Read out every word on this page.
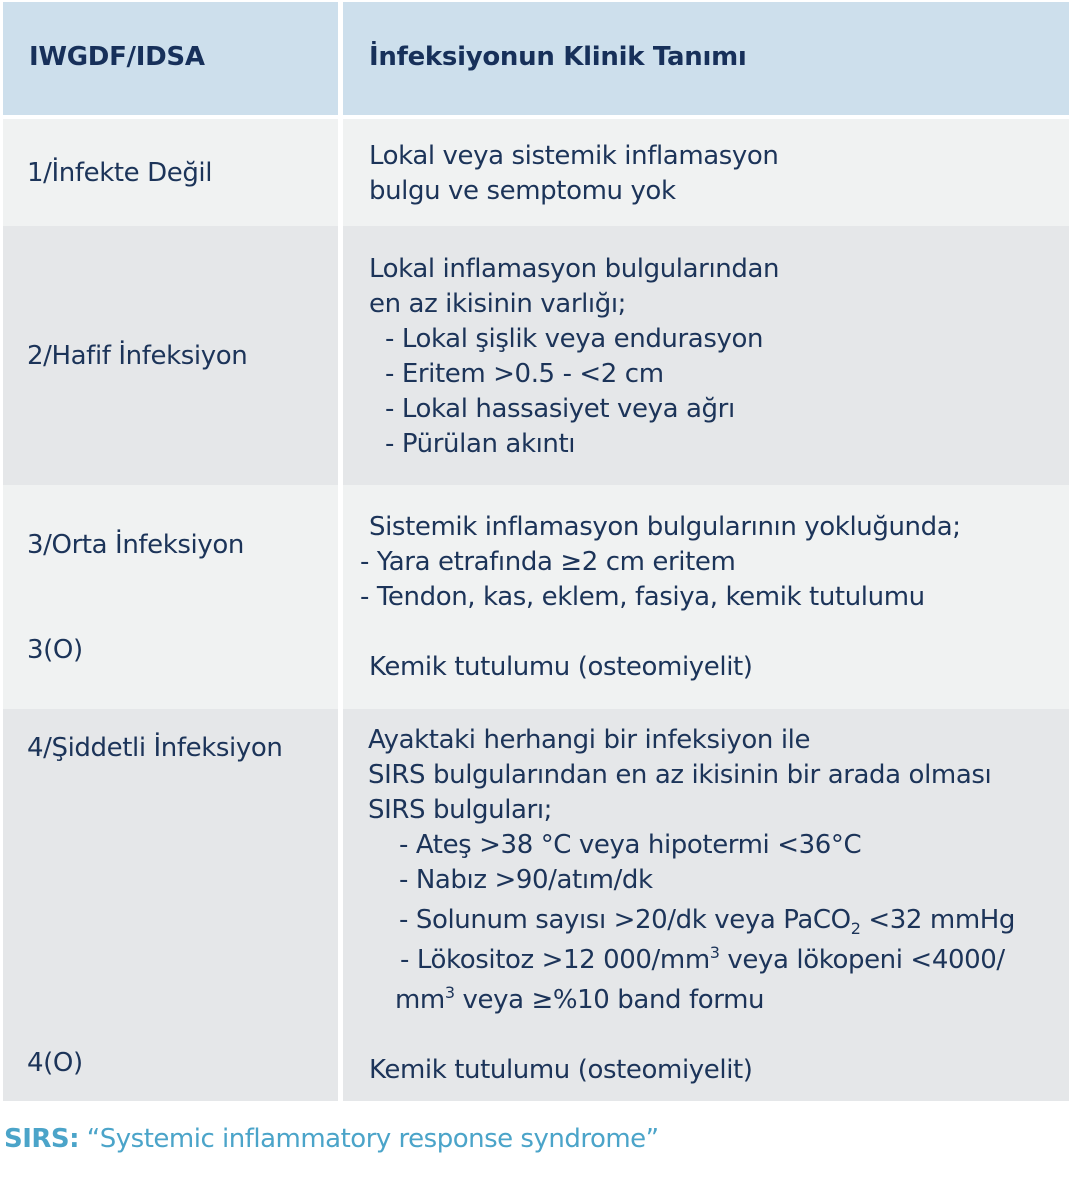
IWGDF/IDSA	İnfeksiyonun Klinik Tanımı
1/İnfekte Değil
Lokal veya sistemik inflamasyon
bulgu ve semptomu yok
2/Hafif İnfeksiyon
Lokal inflamasyon bulgularından
en az ikisinin varlığı;
- Lokal şişlik veya endurasyon
- Eritem >0.5 - <2 cm
- Lokal hassasiyet veya ağrı
- Pürülan akıntı
3/Orta İnfeksiyon
3(O)
Sistemik inflamasyon bulgularının yokluğunda;
- Yara etrafında ≥2 cm eritem
- Tendon, kas, eklem, fasiya, kemik tutulumu
Kemik tutulumu (osteomiyelit)
4/Şiddetli İnfeksiyon
4(O)
Ayaktaki herhangi bir infeksiyon ile
SIRS bulgularından en az ikisinin bir arada olması
SIRS bulguları;
- Ateş >38 °C veya hipotermi <36°C
- Nabız >90/atım/dk
- Solunum sayısı >20/dk veya PaCO$_2$ <32 mmHg
- Lökositoz >12 $000/mm^3$ veya lökopeni <4000/
$mm^3$ veya ≥%10 band formu
Kemik tutulumu (osteomiyelit)
SIRS: “Systemic inflammatory response syndrome”
